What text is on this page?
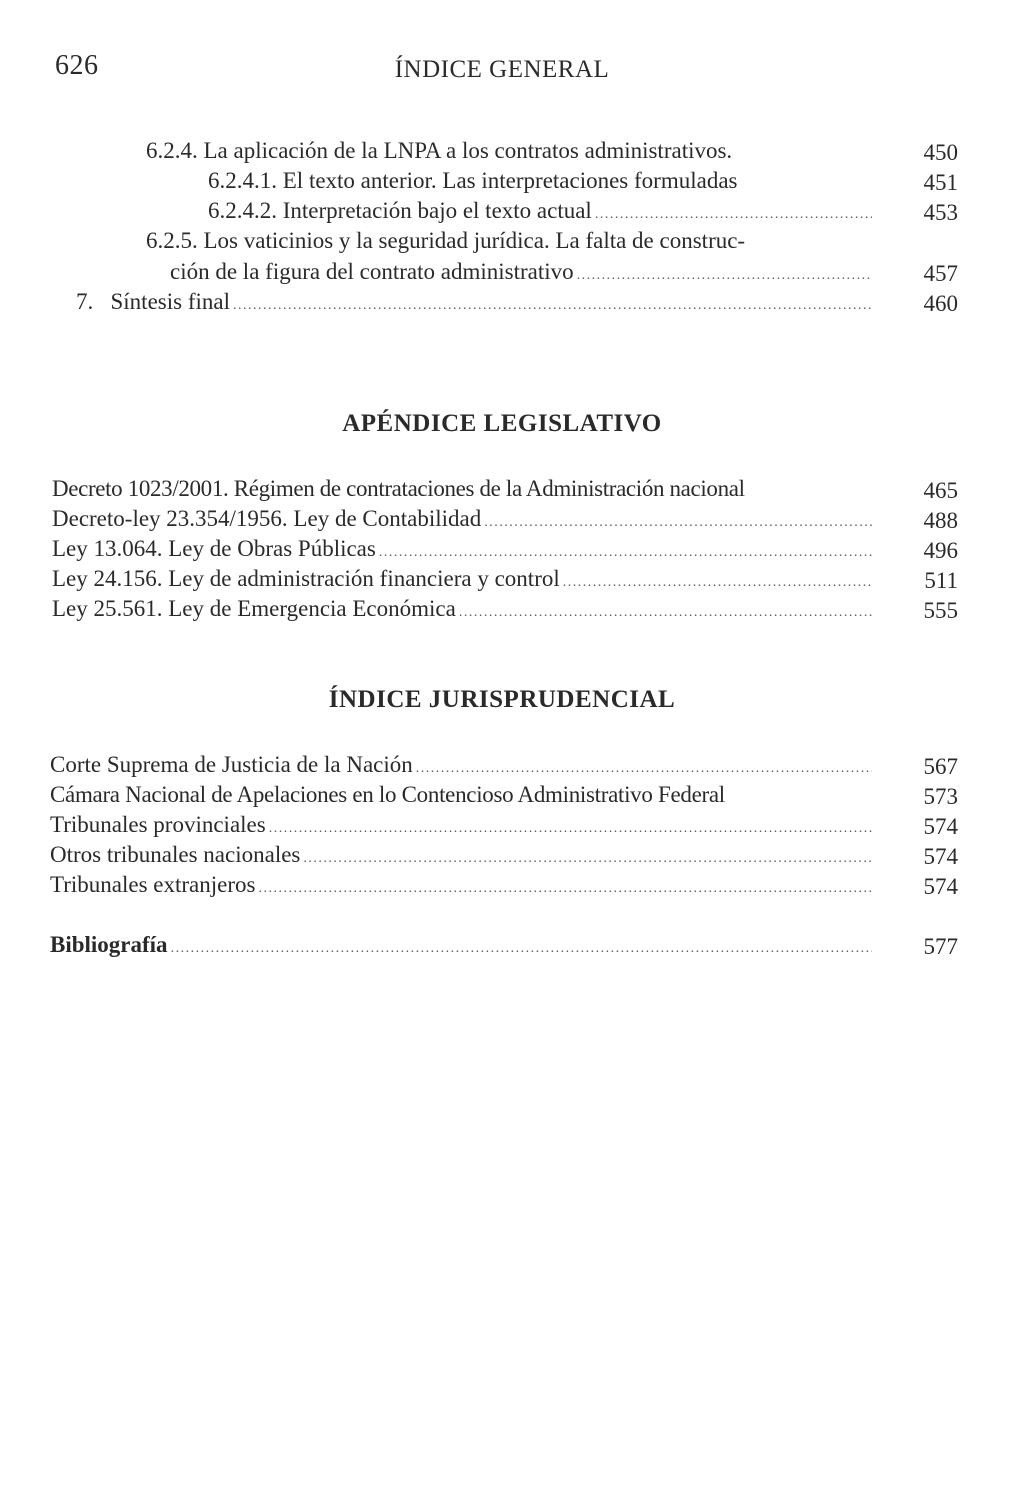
626	ÍNDICE GENERAL
6.2.4. La aplicación de la LNPA a los contratos administrativos.	450
6.2.4.1. El texto anterior. Las interpretaciones formuladas	451
6.2.4.2. Interpretación bajo el texto actual .....	453
6.2.5. Los vaticinios y la seguridad jurídica. La falta de construc-
ción de la figura del contrato administrativo .....	457
7.   Síntesis final .....	460
APÉNDICE LEGISLATIVO
Decreto 1023/2001. Régimen de contrataciones de la Administración nacional	465
Decreto-ley 23.354/1956. Ley de Contabilidad .....	488
Ley 13.064. Ley de Obras Públicas .....	496
Ley 24.156. Ley de administración financiera y control .....	511
Ley 25.561. Ley de Emergencia Económica .....	555
ÍNDICE JURISPRUDENCIAL
Corte Suprema de Justicia de la Nación .....	567
Cámara Nacional de Apelaciones en lo Contencioso Administrativo Federal	573
Tribunales provinciales .....	574
Otros tribunales nacionales .....	574
Tribunales extranjeros .....	574
Bibliografía .....	577
